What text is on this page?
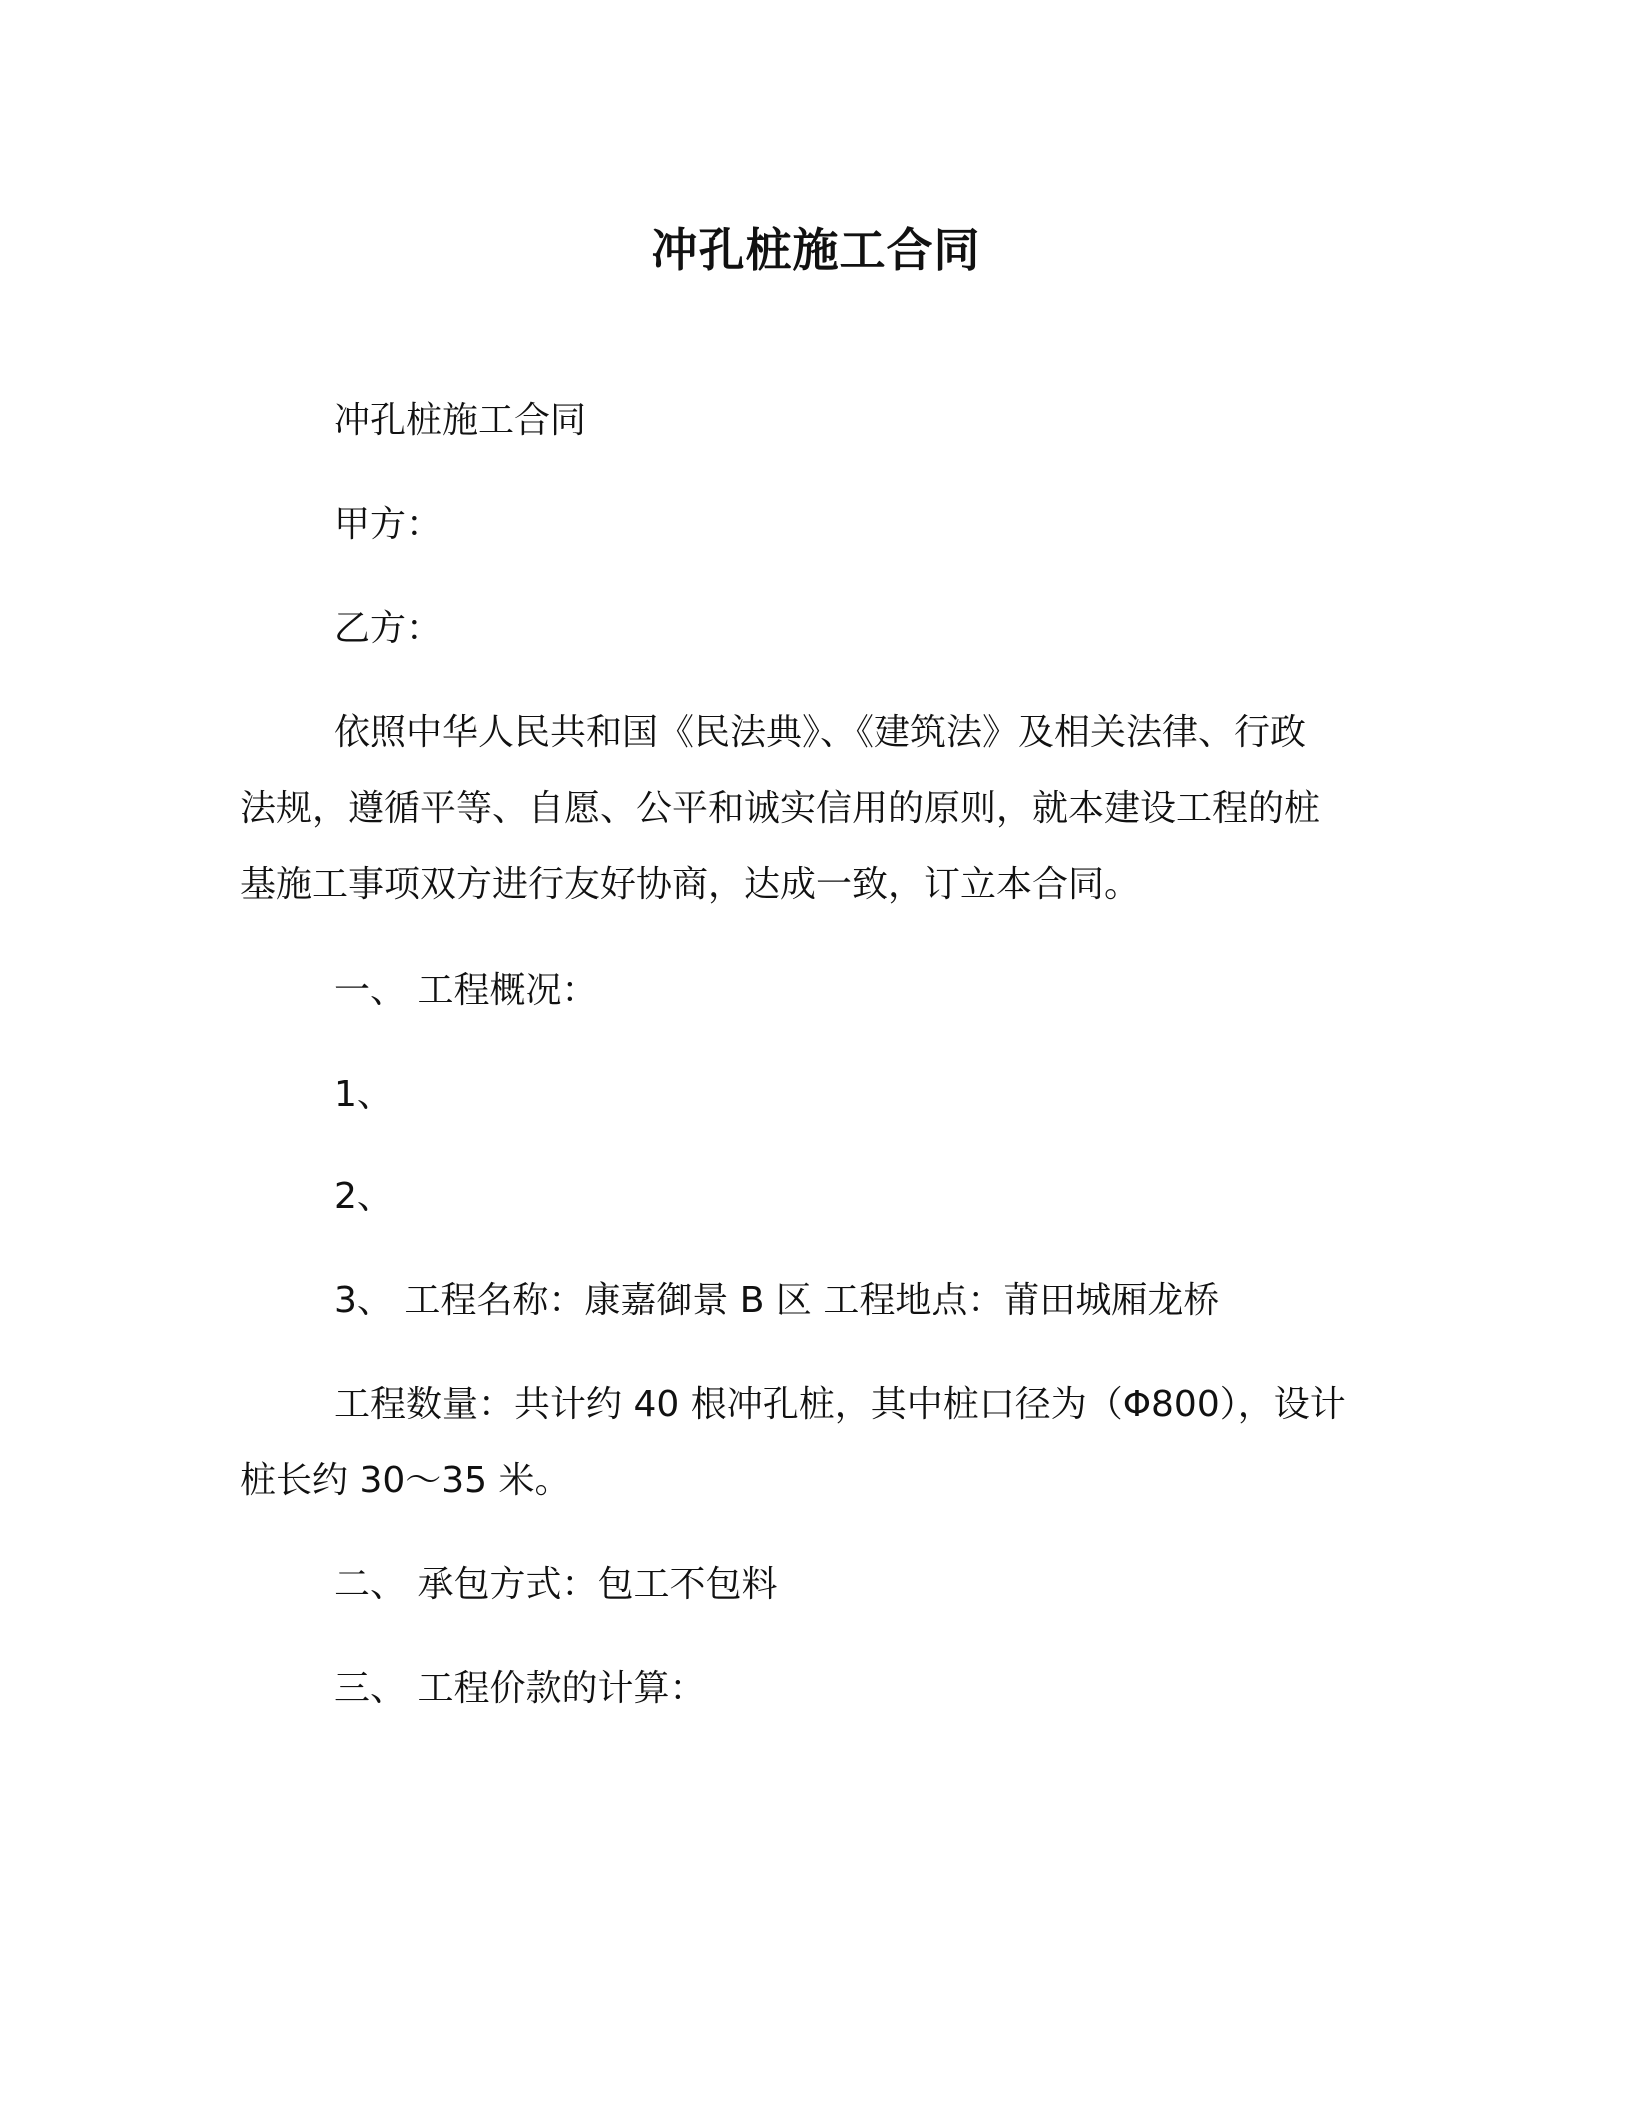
冲孔桩施工合同
冲孔桩施工合同
甲方：
乙方：
依照中华人民共和国《民法典》、《建筑法》及相关法律、行政
法规，遵循平等、自愿、公平和诚实信用的原则，就本建设工程的桩
基施工事项双方进行友好协商，达成一致，订立本合同。
一、 工程概况：
1、
2、
3、 工程名称：康嘉御景 B 区 工程地点：莆田城厢龙桥
工程数量：共计约 40 根冲孔桩，其中桩口径为（Φ800），设计
桩长约 30～35 米。
二、 承包方式：包工不包料
三、 工程价款的计算：
